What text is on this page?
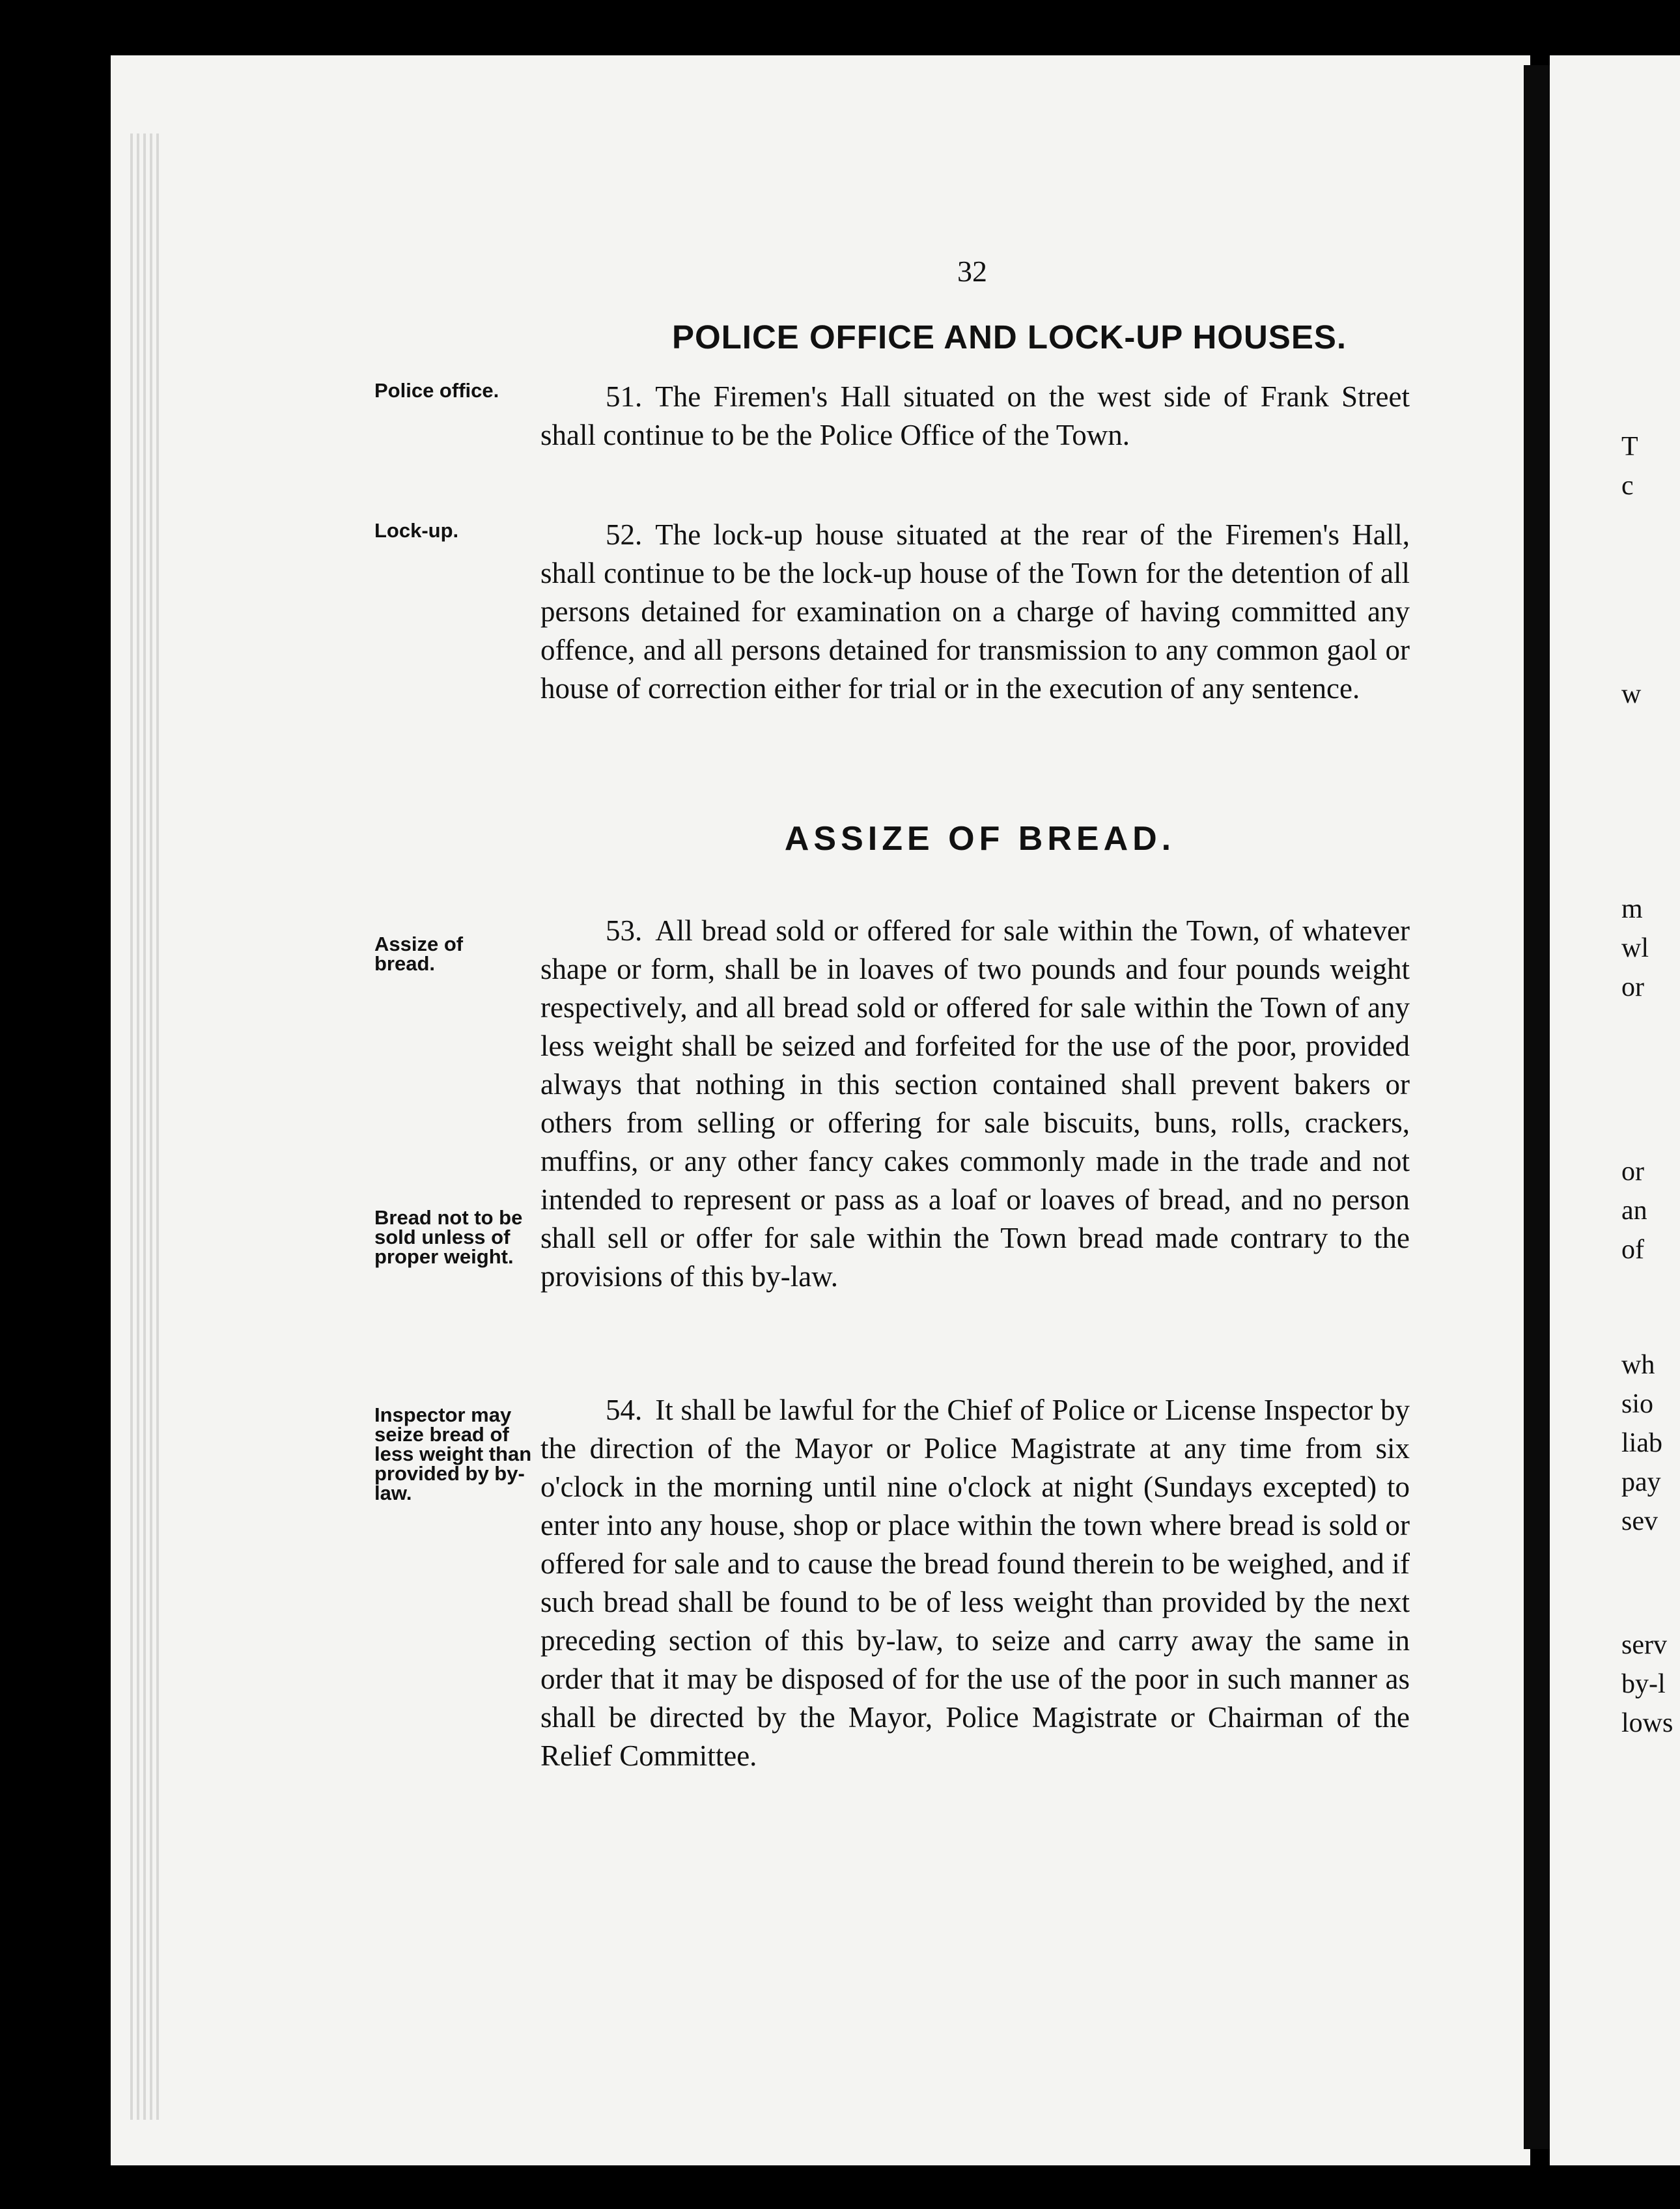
32
POLICE OFFICE AND LOCK-UP HOUSES.
Police office.	51. The Firemen's Hall situated on the west side of Frank Street shall continue to be the Police Office of the Town.

Lock-up.	52. The lock-up house situated at the rear of the Firemen's Hall, shall continue to be the lock-up house of the Town for the detention of all persons detained for examination on a charge of having committed any offence, and all persons detained for transmission to any common gaol or house of correction either for trial or in the execution of any sentence.

ASSIZE OF BREAD.
Assize of bread.

53. All bread sold or offered for sale within the Town, of whatever shape or form, shall be in loaves of two pounds and four pounds weight respectively, and all bread sold or offered for sale within the Town of any less weight shall be seized and forfeited for the use of the poor, provided always that nothing in this section contained shall prevent bakers or others from selling or offering for sale biscuits, buns, rolls, crackers, muffins, or any other fancy cakes commonly made in the trade and not intended to represent or pass as a loaf or loaves of bread, and no person shall sell or offer for sale within the Town bread made contrary to the provisions of this by-law.

Bread not to be sold unless of proper weight.
Inspector may seize bread of less weight than provided by by-law.

54. It shall be lawful for the Chief of Police or License Inspector by the direction of the Mayor or Police Magistrate at any time from six o'clock in the morning until nine o'clock at night (Sundays excepted) to enter into any house, shop or place within the town where bread is sold or offered for sale and to cause the bread found therein to be weighed, and if such bread shall be found to be of less weight than provided by the next preceding section of this by-law, to seize and carry away the same in order that it may be disposed of for the use of the poor in such manner as shall be directed by the Mayor, Police Magistrate or Chairman of the Relief Committee.

T
c
w
m
wl
or
or
an
of
wh
sio
liab
pay
sev
serv
by-l
lows
